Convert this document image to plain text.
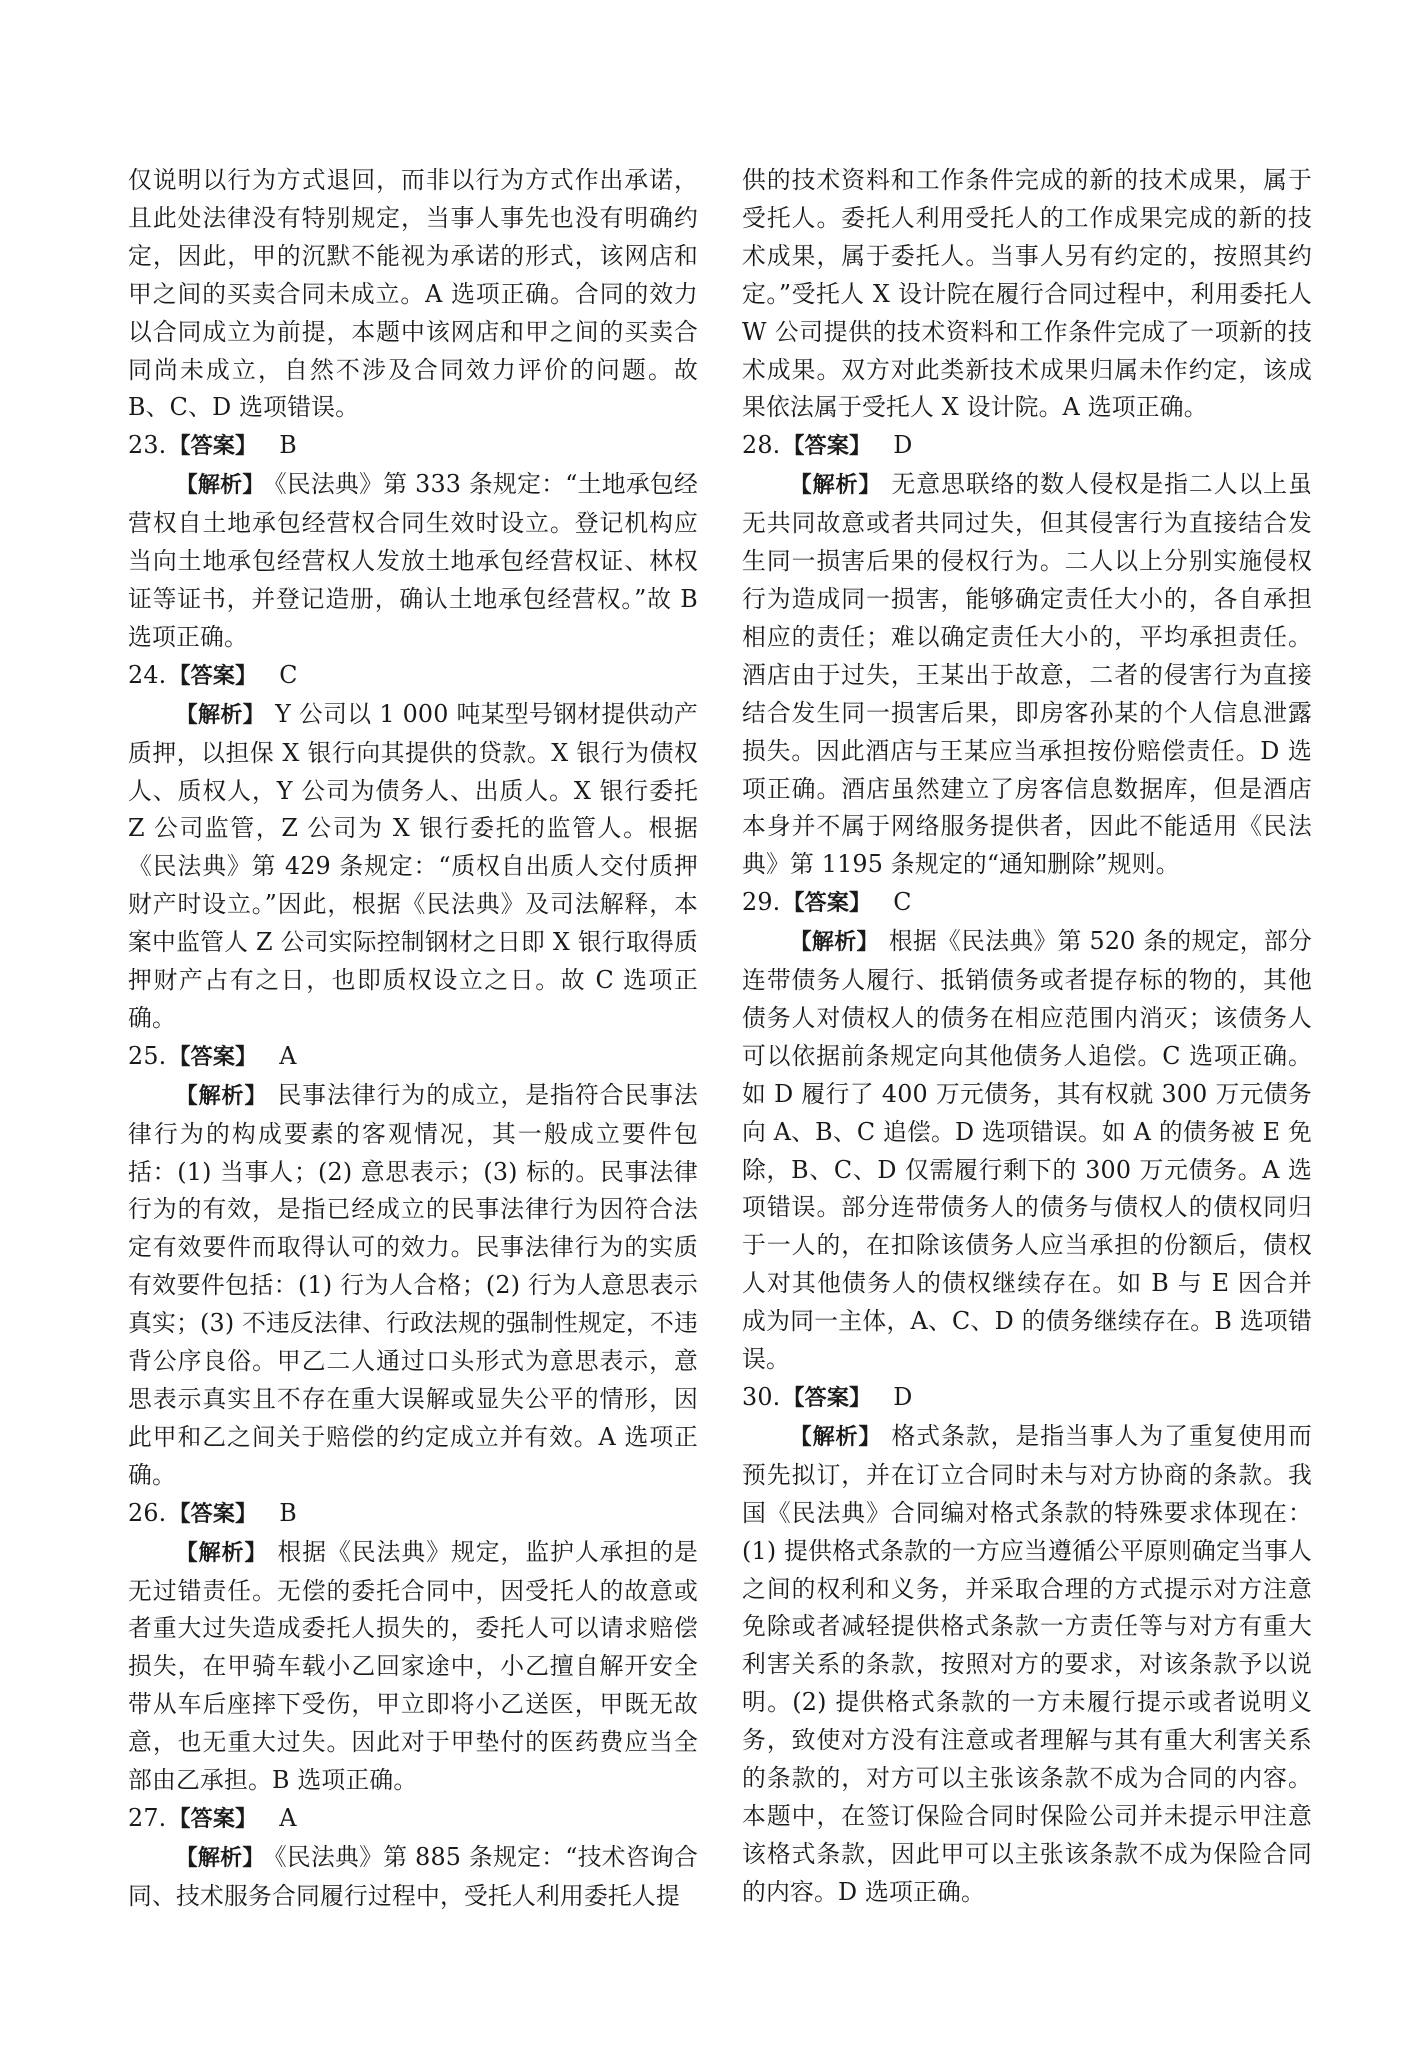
仅说明以行为方式退回，而非以行为方式作出承诺，且此处法律没有特别规定，当事人事先也没有明确约定，因此，甲的沉默不能视为承诺的形式，该网店和甲之间的买卖合同未成立。A 选项正确。合同的效力以合同成立为前提，本题中该网店和甲之间的买卖合同尚未成立，自然不涉及合同效力评价的问题。故 B、C、D 选项错误。

23.【答案】 B

【解析】 《民法典》第 333 条规定：“土地承包经营权自土地承包经营权合同生效时设立。登记机构应当向土地承包经营权人发放土地承包经营权证、林权证等证书，并登记造册，确认土地承包经营权。”故 B 选项正确。

24.【答案】 C

【解析】 Y 公司以 1 000 吨某型号钢材提供动产质押，以担保 X 银行向其提供的贷款。X 银行为债权人、质权人，Y 公司为债务人、出质人。X 银行委托 Z 公司监管，Z 公司为 X 银行委托的监管人。根据《民法典》第 429 条规定：“质权自出质人交付质押财产时设立。”因此，根据《民法典》及司法解释，本案中监管人 Z 公司实际控制钢材之日即 X 银行取得质押财产占有之日，也即质权设立之日。故 C 选项正确。

25.【答案】 A

【解析】 民事法律行为的成立，是指符合民事法律行为的构成要素的客观情况，其一般成立要件包括：(1) 当事人；(2) 意思表示；(3) 标的。民事法律行为的有效，是指已经成立的民事法律行为因符合法定有效要件而取得认可的效力。民事法律行为的实质有效要件包括：(1) 行为人合格；(2) 行为人意思表示真实；(3) 不违反法律、行政法规的强制性规定，不违背公序良俗。甲乙二人通过口头形式为意思表示，意思表示真实且不存在重大误解或显失公平的情形，因此甲和乙之间关于赔偿的约定成立并有效。A 选项正确。

26.【答案】 B

【解析】 根据《民法典》规定，监护人承担的是无过错责任。无偿的委托合同中，因受托人的故意或者重大过失造成委托人损失的，委托人可以请求赔偿损失，在甲骑车载小乙回家途中，小乙擅自解开安全带从车后座摔下受伤，甲立即将小乙送医，甲既无故意，也无重大过失。因此对于甲垫付的医药费应当全部由乙承担。B 选项正确。

27.【答案】 A

【解析】 《民法典》第 885 条规定：“技术咨询合同、技术服务合同履行过程中，受托人利用委托人提

供的技术资料和工作条件完成的新的技术成果，属于受托人。委托人利用受托人的工作成果完成的新的技术成果，属于委托人。当事人另有约定的，按照其约定。”受托人 X 设计院在履行合同过程中，利用委托人 W 公司提供的技术资料和工作条件完成了一项新的技术成果。双方对此类新技术成果归属未作约定，该成果依法属于受托人 X 设计院。A 选项正确。

28.【答案】 D

【解析】 无意思联络的数人侵权是指二人以上虽无共同故意或者共同过失，但其侵害行为直接结合发生同一损害后果的侵权行为。二人以上分别实施侵权行为造成同一损害，能够确定责任大小的，各自承担相应的责任；难以确定责任大小的，平均承担责任。酒店由于过失，王某出于故意，二者的侵害行为直接结合发生同一损害后果，即房客孙某的个人信息泄露损失。因此酒店与王某应当承担按份赔偿责任。D 选项正确。酒店虽然建立了房客信息数据库，但是酒店本身并不属于网络服务提供者，因此不能适用《民法典》第 1195 条规定的“通知删除”规则。

29.【答案】 C

【解析】 根据《民法典》第 520 条的规定，部分连带债务人履行、抵销债务或者提存标的物的，其他债务人对债权人的债务在相应范围内消灭；该债务人可以依据前条规定向其他债务人追偿。C 选项正确。如 D 履行了 400 万元债务，其有权就 300 万元债务向 A、B、C 追偿。D 选项错误。如 A 的债务被 E 免除，B、C、D 仅需履行剩下的 300 万元债务。A 选项错误。部分连带债务人的债务与债权人的债权同归于一人的，在扣除该债务人应当承担的份额后，债权人对其他债务人的债权继续存在。如 B 与 E 因合并成为同一主体，A、C、D 的债务继续存在。B 选项错误。

30.【答案】 D

【解析】 格式条款，是指当事人为了重复使用而预先拟订，并在订立合同时未与对方协商的条款。我国《民法典》合同编对格式条款的特殊要求体现在：(1) 提供格式条款的一方应当遵循公平原则确定当事人之间的权利和义务，并采取合理的方式提示对方注意免除或者减轻提供格式条款一方责任等与对方有重大利害关系的条款，按照对方的要求，对该条款予以说明。(2) 提供格式条款的一方未履行提示或者说明义务，致使对方没有注意或者理解与其有重大利害关系的条款的，对方可以主张该条款不成为合同的内容。本题中，在签订保险合同时保险公司并未提示甲注意该格式条款，因此甲可以主张该条款不成为保险合同的内容。D 选项正确。
